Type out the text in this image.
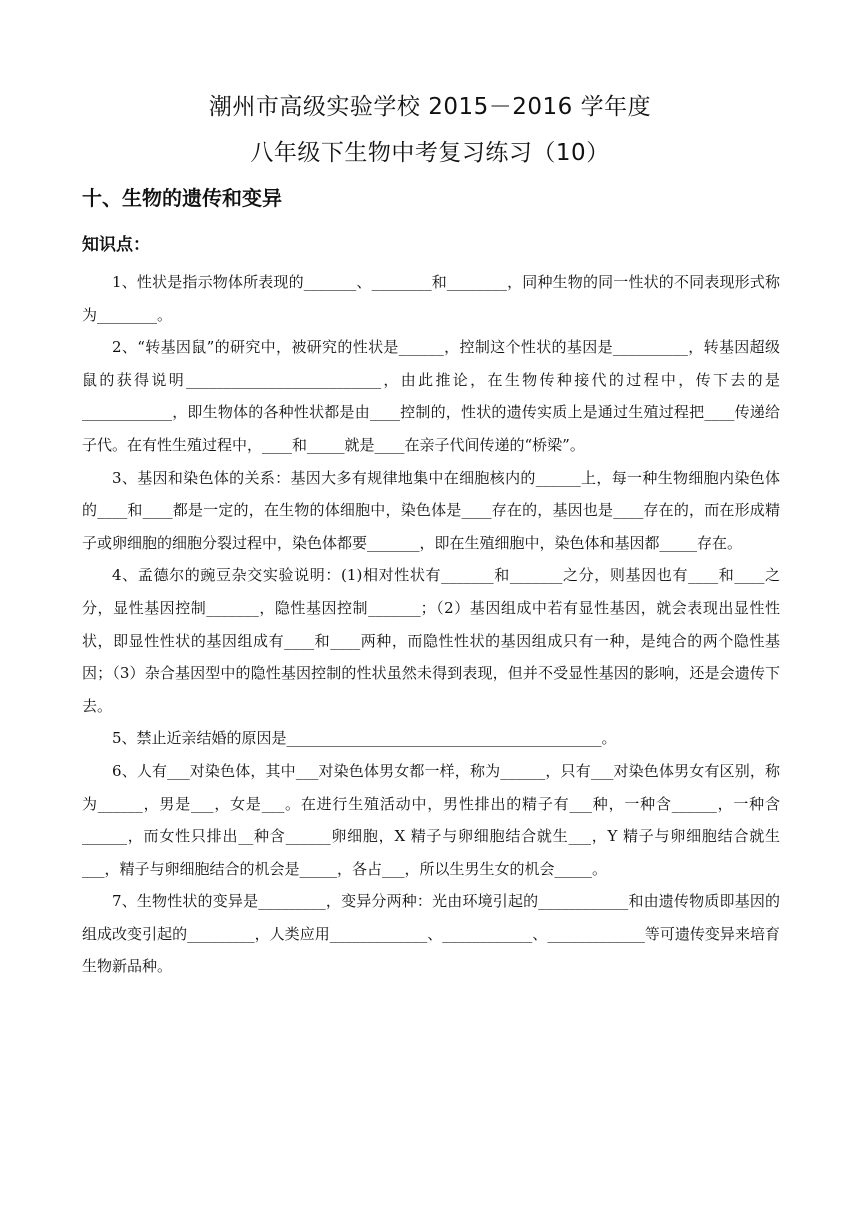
潮州市高级实验学校 2015－2016 学年度
八年级下生物中考复习练习（10）
十、生物的遗传和变异
知识点：

1、性状是指示物体所表现的_______、________和________，同种生物的同一性状的不同表现形式称为________。

2、“转基因鼠”的研究中，被研究的性状是______，控制这个性状的基因是__________，转基因超级鼠的获得说明__________________________，由此推论，在生物传种接代的过程中，传下去的是____________，即生物体的各种性状都是由____控制的，性状的遗传实质上是通过生殖过程把____传递给子代。在有性生殖过程中，____和_____就是____在亲子代间传递的“桥梁”。

3、基因和染色体的关系：基因大多有规律地集中在细胞核内的______上，每一种生物细胞内染色体的____和____都是一定的，在生物的体细胞中，染色体是____存在的，基因也是____存在的，而在形成精子或卵细胞的细胞分裂过程中，染色体都要_______，即在生殖细胞中，染色体和基因都_____存在。

4、孟德尔的豌豆杂交实验说明：(1)相对性状有_______和_______之分，则基因也有____和____之分，显性基因控制_______，隐性基因控制_______；（2）基因组成中若有显性基因，就会表现出显性性状，即显性性状的基因组成有____和____两种，而隐性性状的基因组成只有一种，是纯合的两个隐性基因；（3）杂合基因型中的隐性基因控制的性状虽然未得到表现，但并不受显性基因的影响，还是会遗传下去。

5、禁止近亲结婚的原因是__________________________________________。

6、人有___对染色体，其中___对染色体男女都一样，称为______，只有___对染色体男女有区别，称为______，男是___，女是___。在进行生殖活动中，男性排出的精子有___种，一种含______，一种含______，而女性只排出__种含______卵细胞，X 精子与卵细胞结合就生___，Y 精子与卵细胞结合就生___，精子与卵细胞结合的机会是_____，各占___，所以生男生女的机会_____。

7、生物性状的变异是_________，变异分两种：光由环境引起的____________和由遗传物质即基因的组成改变引起的_________，人类应用_____________、____________、_____________等可遗传变异来培育生物新品种。
